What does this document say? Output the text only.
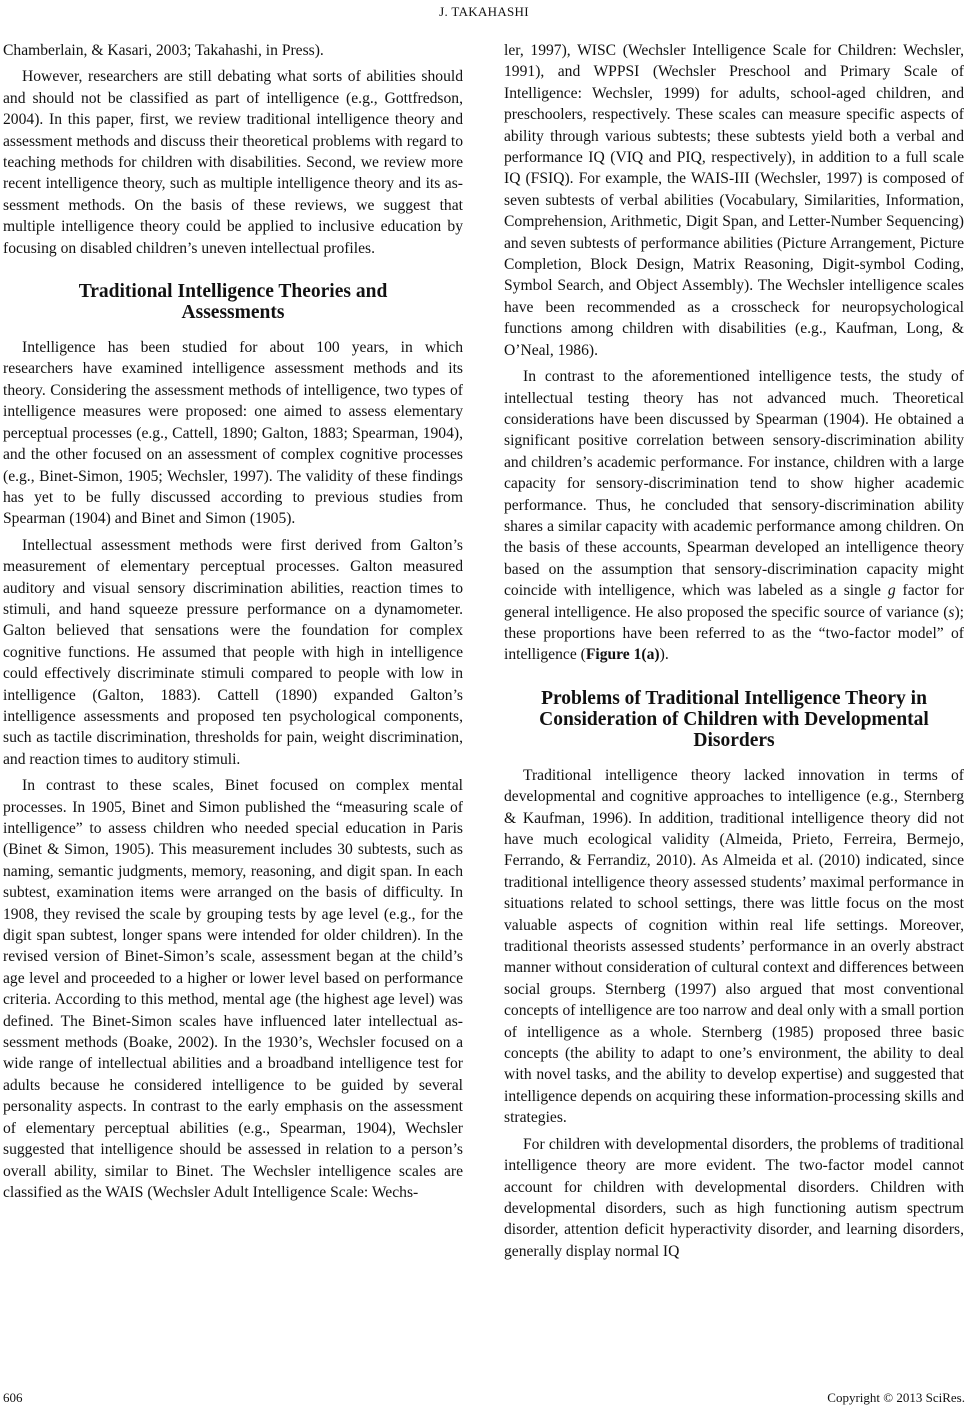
J. TAKAHASHI

Chamberlain, & Kasari, 2003; Takahashi, in Press).

However, researchers are still debating what sorts of abilities should and should not be classified as part of intelligence (e.g., Gottfredson, 2004). In this paper, first, we review traditional intelligence theory and assessment methods and discuss their theoretical problems with regard to teaching methods for children with disabilities. Second, we review more recent intelligence theory, such as multiple intelligence theory and its assessment methods. On the basis of these reviews, we suggest that multiple intelligence theory could be applied to inclusive education by focusing on disabled children’s uneven intellectual profiles.

Traditional Intelligence Theories and
Assessments

Intelligence has been studied for about 100 years, in which researchers have examined intelligence assessment methods and its theory. Considering the assessment methods of intelligence, two types of intelligence measures were proposed: one aimed to assess elementary perceptual processes (e.g., Cattell, 1890; Galton, 1883; Spearman, 1904), and the other focused on an assessment of complex cognitive processes (e.g., Binet-Simon, 1905; Wechsler, 1997). The validity of these findings has yet to be fully discussed according to previous studies from Spearman (1904) and Binet and Simon (1905).

Intellectual assessment methods were first derived from Galton’s measurement of elementary perceptual processes. Galton measured auditory and visual sensory discrimination abilities, reaction times to stimuli, and hand squeeze pressure performance on a dynamometer. Galton believed that sensations were the foundation for complex cognitive functions. He assumed that people with high in intelligence could effectively discriminate stimuli compared to people with low in intelligence (Galton, 1883). Cattell (1890) expanded Galton’s intelligence assessments and proposed ten psychological components, such as tactile discrimination, thresholds for pain, weight discrimination, and reaction times to auditory stimuli.

In contrast to these scales, Binet focused on complex mental processes. In 1905, Binet and Simon published the “measuring scale of intelligence” to assess children who needed special education in Paris (Binet & Simon, 1905). This measurement includes 30 subtests, such as naming, semantic judgments, memory, reasoning, and digit span. In each subtest, examination items were arranged on the basis of difficulty. In 1908, they revised the scale by grouping tests by age level (e.g., for the digit span subtest, longer spans were intended for older children). In the revised version of Binet-Simon’s scale, assessment began at the child’s age level and proceeded to a higher or lower level based on performance criteria. According to this method, mental age (the highest age level) was defined. The Binet-Simon scales have influenced later intellectual assessment methods (Boake, 2002). In the 1930’s, Wechsler focused on a wide range of intellectual abilities and a broadband intelligence test for adults because he considered intelligence to be guided by several personality aspects. In contrast to the early emphasis on the assessment of elementary perceptual abilities (e.g., Spearman, 1904), Wechsler suggested that intelligence should be assessed in relation to a person’s overall ability, similar to Binet. The Wechsler intelligence scales are classified as the WAIS (Wechsler Adult Intelligence Scale: Wechs-

ler, 1997), WISC (Wechsler Intelligence Scale for Children: Wechsler, 1991), and WPPSI (Wechsler Preschool and Primary Scale of Intelligence: Wechsler, 1999) for adults, school-aged children, and preschoolers, respectively. These scales can measure specific aspects of ability through various subtests; these subtests yield both a verbal and performance IQ (VIQ and PIQ, respectively), in addition to a full scale IQ (FSIQ). For example, the WAIS-III (Wechsler, 1997) is composed of seven subtests of verbal abilities (Vocabulary, Similarities, Information, Comprehension, Arithmetic, Digit Span, and Letter-Number Sequencing) and seven subtests of performance abilities (Picture Arrangement, Picture Completion, Block Design, Matrix Reasoning, Digit-symbol Coding, Symbol Search, and Object Assembly). The Wechsler intelligence scales have been recommended as a crosscheck for neuropsychological functions among children with disabilities (e.g., Kaufman, Long, & O’Neal, 1986).

In contrast to the aforementioned intelligence tests, the study of intellectual testing theory has not advanced much. Theoretical considerations have been discussed by Spearman (1904). He obtained a significant positive correlation between sensory-discrimination ability and children’s academic performance. For instance, children with a large capacity for sensory-discrimination tend to show higher academic performance. Thus, he concluded that sensory-discrimination ability shares a similar capacity with academic performance among children. On the basis of these accounts, Spearman developed an intelligence theory based on the assumption that sensory-discrimination capacity might coincide with intelligence, which was labeled as a single g factor for general intelligence. He also proposed the specific source of variance (s); these proportions have been referred to as the “two-factor model” of intelligence (Figure 1(a)).

Problems of Traditional Intelligence Theory in
Consideration of Children with Developmental
Disorders

Traditional intelligence theory lacked innovation in terms of developmental and cognitive approaches to intelligence (e.g., Sternberg & Kaufman, 1996). In addition, traditional intelligence theory did not have much ecological validity (Almeida, Prieto, Ferreira, Bermejo, Ferrando, & Ferrandiz, 2010). As Almeida et al. (2010) indicated, since traditional intelligence theory assessed students’ maximal performance in situations related to school settings, there was little focus on the most valuable aspects of cognition within real life settings. Moreover, traditional theorists assessed students’ performance in an overly abstract manner without consideration of cultural context and differences between social groups. Sternberg (1997) also argued that most conventional concepts of intelligence are too narrow and deal only with a small portion of intelligence as a whole. Sternberg (1985) proposed three basic concepts (the ability to adapt to one’s environment, the ability to deal with novel tasks, and the ability to develop expertise) and suggested that intelligence depends on acquiring these information-processing skills and strategies.

For children with developmental disorders, the problems of traditional intelligence theory are more evident. The two-factor model cannot account for children with developmental disorders. Children with developmental disorders, such as high functioning autism spectrum disorder, attention deficit hyperactivity disorder, and learning disorders, generally display normal IQ

606	Copyright © 2013 SciRes.
